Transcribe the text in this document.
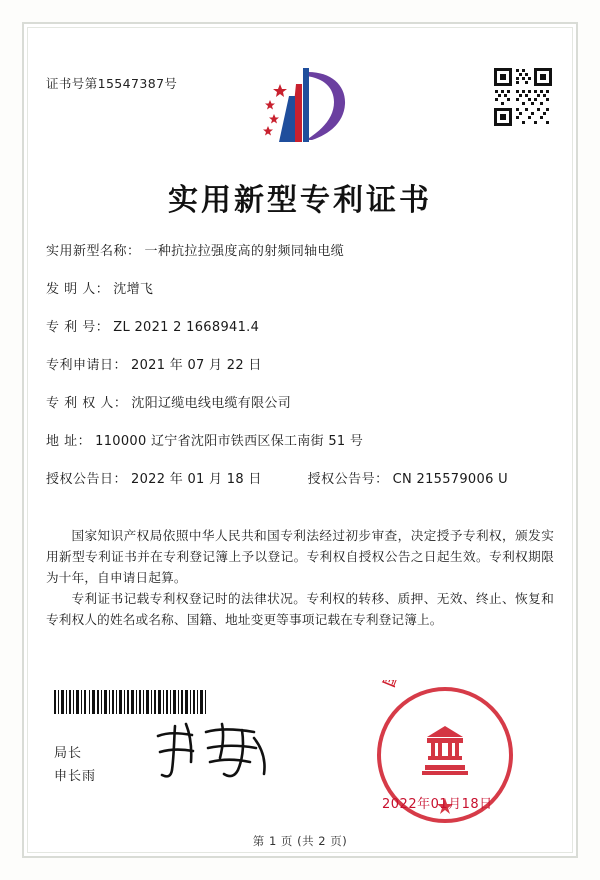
证书号第15547387号
实用新型专利证书
实用新型名称： 一种抗拉拉强度高的射频同轴电缆
发 明 人： 沈增飞
专 利 号： ZL 2021 2 1668941.4
专利申请日： 2021 年 07 月 22 日
专 利 权 人： 沈阳辽缆电线电缆有限公司
地 址： 110000 辽宁省沈阳市铁西区保工南街 51 号
授权公告日： 2022 年 01 月 18 日	授权公告号： CN 215579006 U
国家知识产权局依照中华人民共和国专利法经过初步审查，决定授予专利权，颁发实用新型专利证书并在专利登记簿上予以登记。专利权自授权公告之日起生效。专利权期限为十年，自申请日起算。
专利证书记载专利权登记时的法律状况。专利权的转移、质押、无效、终止、恢复和专利权人的姓名或名称、国籍、地址变更等事项记载在专利登记簿上。
局长
申长雨
2022年01月18日
第 1 页 (共 2 页)
